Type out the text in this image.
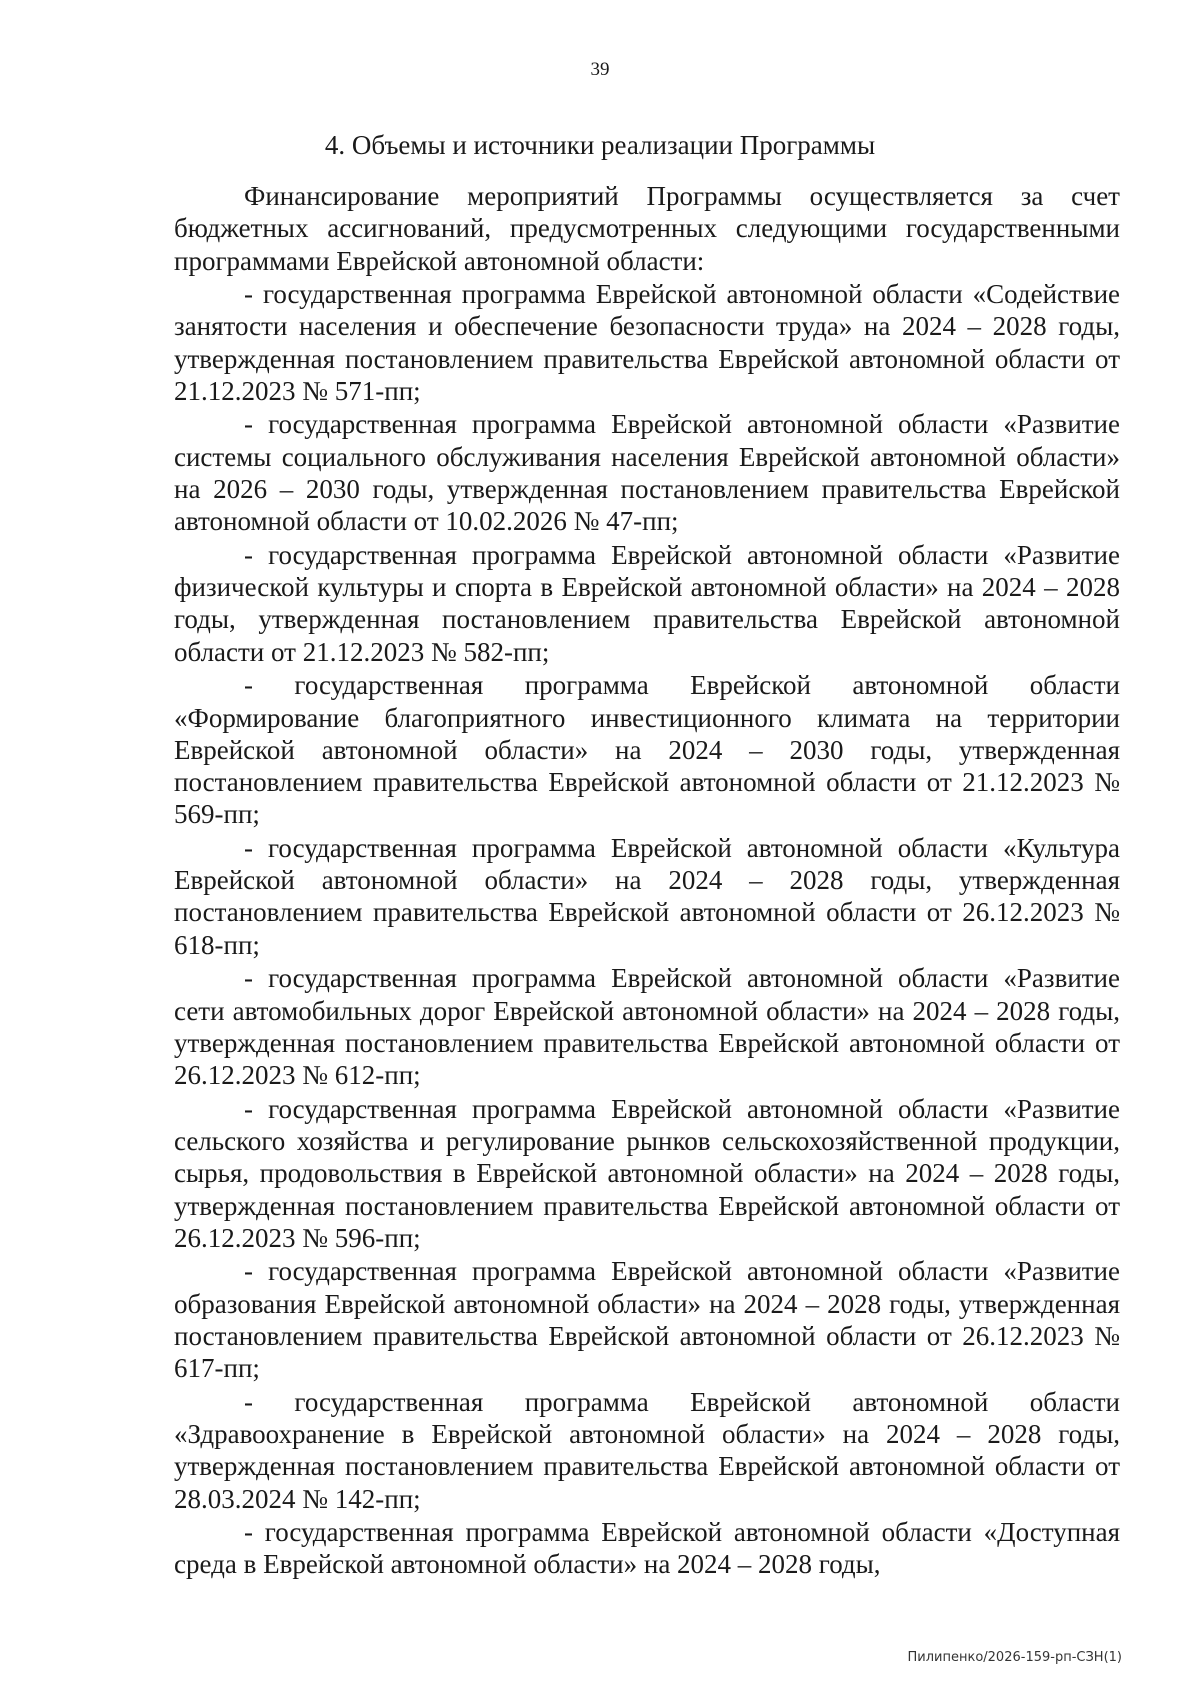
39
4. Объемы и источники реализации Программы

Финансирование мероприятий Программы осуществляется за счет бюджетных ассигнований, предусмотренных следующими государственными программами Еврейской автономной области:

- государственная программа Еврейской автономной области «Содействие занятости населения и обеспечение безопасности труда» на 2024 – 2028 годы, утвержденная постановлением правительства Еврейской автономной области от 21.12.2023 № 571-пп;

- государственная программа Еврейской автономной области «Развитие системы социального обслуживания населения Еврейской автономной области» на 2026 – 2030 годы, утвержденная постановлением правительства Еврейской автономной области от 10.02.2026 № 47-пп;

- государственная программа Еврейской автономной области «Развитие физической культуры и спорта в Еврейской автономной области» на 2024 – 2028 годы, утвержденная постановлением правительства Еврейской автономной области от 21.12.2023 № 582-пп;

- государственная программа Еврейской автономной области «Формирование благоприятного инвестиционного климата на территории Еврейской автономной области» на 2024 – 2030 годы, утвержденная постановлением правительства Еврейской автономной области от 21.12.2023 № 569-пп;

- государственная программа Еврейской автономной области «Культура Еврейской автономной области» на 2024 – 2028 годы, утвержденная постановлением правительства Еврейской автономной области от 26.12.2023 № 618-пп;

- государственная программа Еврейской автономной области «Развитие сети автомобильных дорог Еврейской автономной области» на 2024 – 2028 годы, утвержденная постановлением правительства Еврейской автономной области от 26.12.2023 № 612-пп;

- государственная программа Еврейской автономной области «Развитие сельского хозяйства и регулирование рынков сельскохозяйственной продукции, сырья, продовольствия в Еврейской автономной области» на 2024 – 2028 годы, утвержденная постановлением правительства Еврейской автономной области от 26.12.2023 № 596-пп;

- государственная программа Еврейской автономной области «Развитие образования Еврейской автономной области» на 2024 – 2028 годы, утвержденная постановлением правительства Еврейской автономной области от 26.12.2023 № 617-пп;

- государственная программа Еврейской автономной области «Здравоохранение в Еврейской автономной области» на 2024 – 2028 годы, утвержденная постановлением правительства Еврейской автономной области от 28.03.2024 № 142-пп;

- государственная программа Еврейской автономной области «Доступная среда в Еврейской автономной области» на 2024 – 2028 годы,

Пилипенко/2026-159-рп-СЗН(1)
